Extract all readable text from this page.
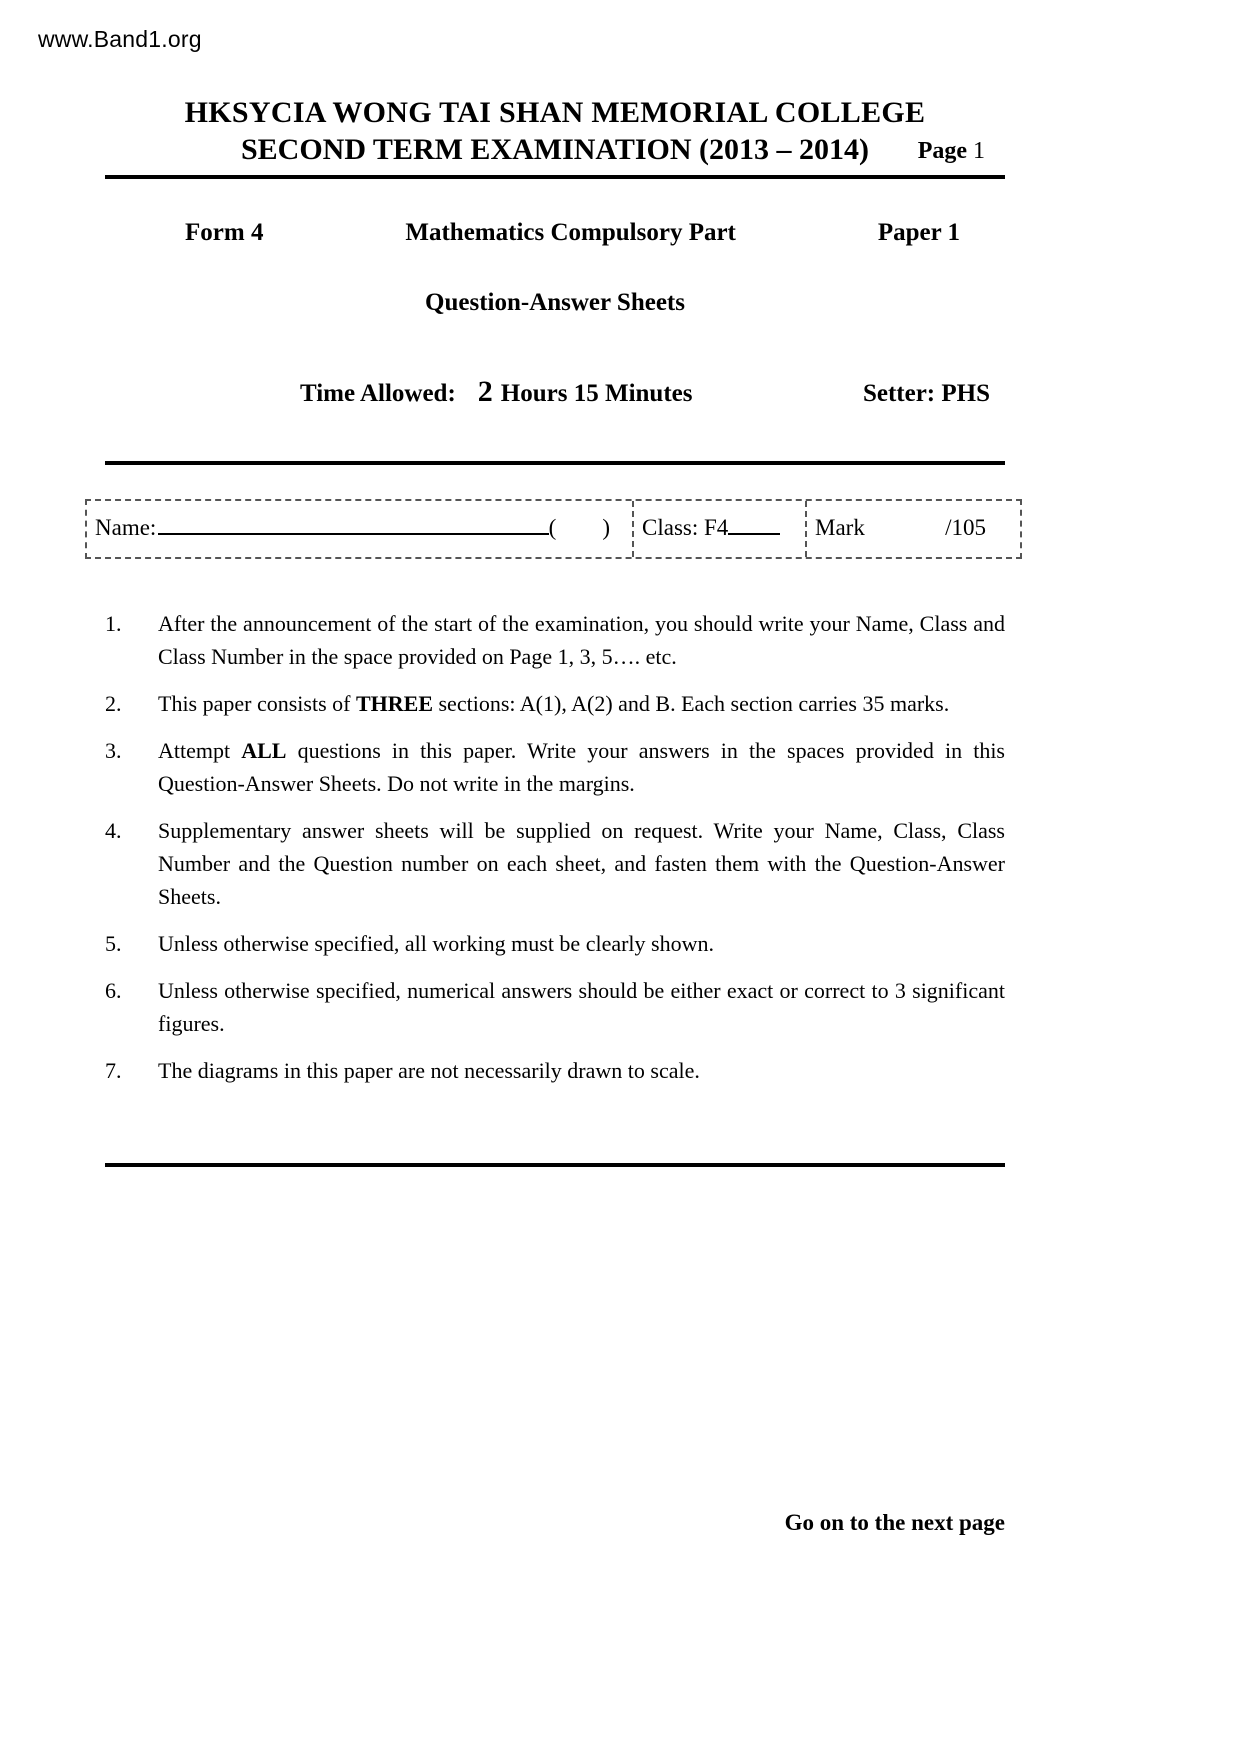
www.Band1.org
HKSYCIA WONG TAI SHAN MEMORIAL COLLEGE
SECOND TERM EXAMINATION (2013 – 2014) Page 1
Form 4	Mathematics Compulsory Part	Paper 1
Question-Answer Sheets
Time Allowed: 2 Hours 15 Minutes	Setter: PHS
Name:	( ) Class: F4	Mark	/105
1.	After the announcement of the start of the examination, you should write your Name, Class and Class Number in the space provided on Page 1, 3, 5…. etc.
2.	This paper consists of THREE sections: A(1), A(2) and B. Each section carries 35 marks.
3.	Attempt ALL questions in this paper. Write your answers in the spaces provided in this Question-Answer Sheets. Do not write in the margins.
4.	Supplementary answer sheets will be supplied on request. Write your Name, Class, Class Number and the Question number on each sheet, and fasten them with the Question-Answer Sheets.
5.	Unless otherwise specified, all working must be clearly shown.
6.	Unless otherwise specified, numerical answers should be either exact or correct to 3 significant figures.
7.	The diagrams in this paper are not necessarily drawn to scale.
Go on to the next page
